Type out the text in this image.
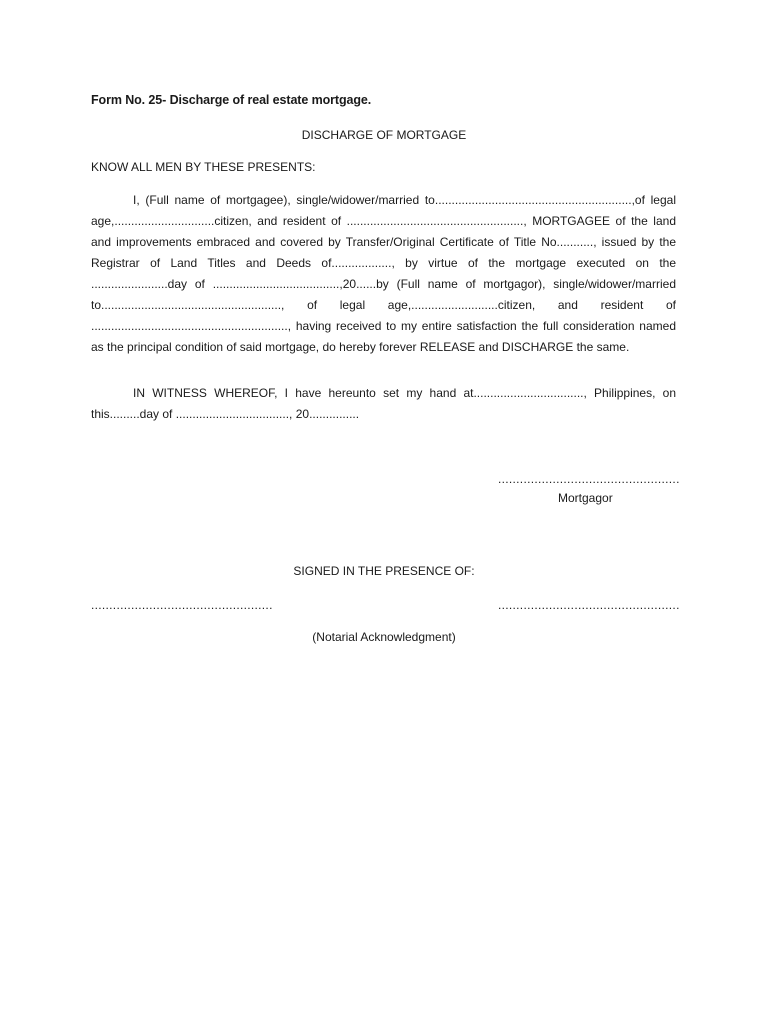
Form No. 25- Discharge of real estate mortgage.
DISCHARGE OF MORTGAGE
KNOW ALL MEN BY THESE PRESENTS:
I, (Full name of mortgagee), single/widower/married to...........................................................,of legal age,..............................citizen, and resident of ....................................................., MORTGAGEE of the land and improvements embraced and covered by Transfer/Original Certificate of Title No..........., issued by the Registrar of Land Titles and Deeds of.................., by virtue of the mortgage executed on the .......................day of ......................................,20......by (Full name of mortgagor), single/widower/married to......................................................, of legal age,..........................citizen, and resident of ..........................................................., having received to my entire satisfaction the full consideration named as the principal condition of said mortgage, do hereby forever RELEASE and DISCHARGE the same.
IN WITNESS WHEREOF, I have hereunto set my hand at................................., Philippines, on this.........day of .................................., 20...............
..................................................
Mortgagor
SIGNED IN THE PRESENCE OF:
..................................................	..................................................
(Notarial Acknowledgment)
